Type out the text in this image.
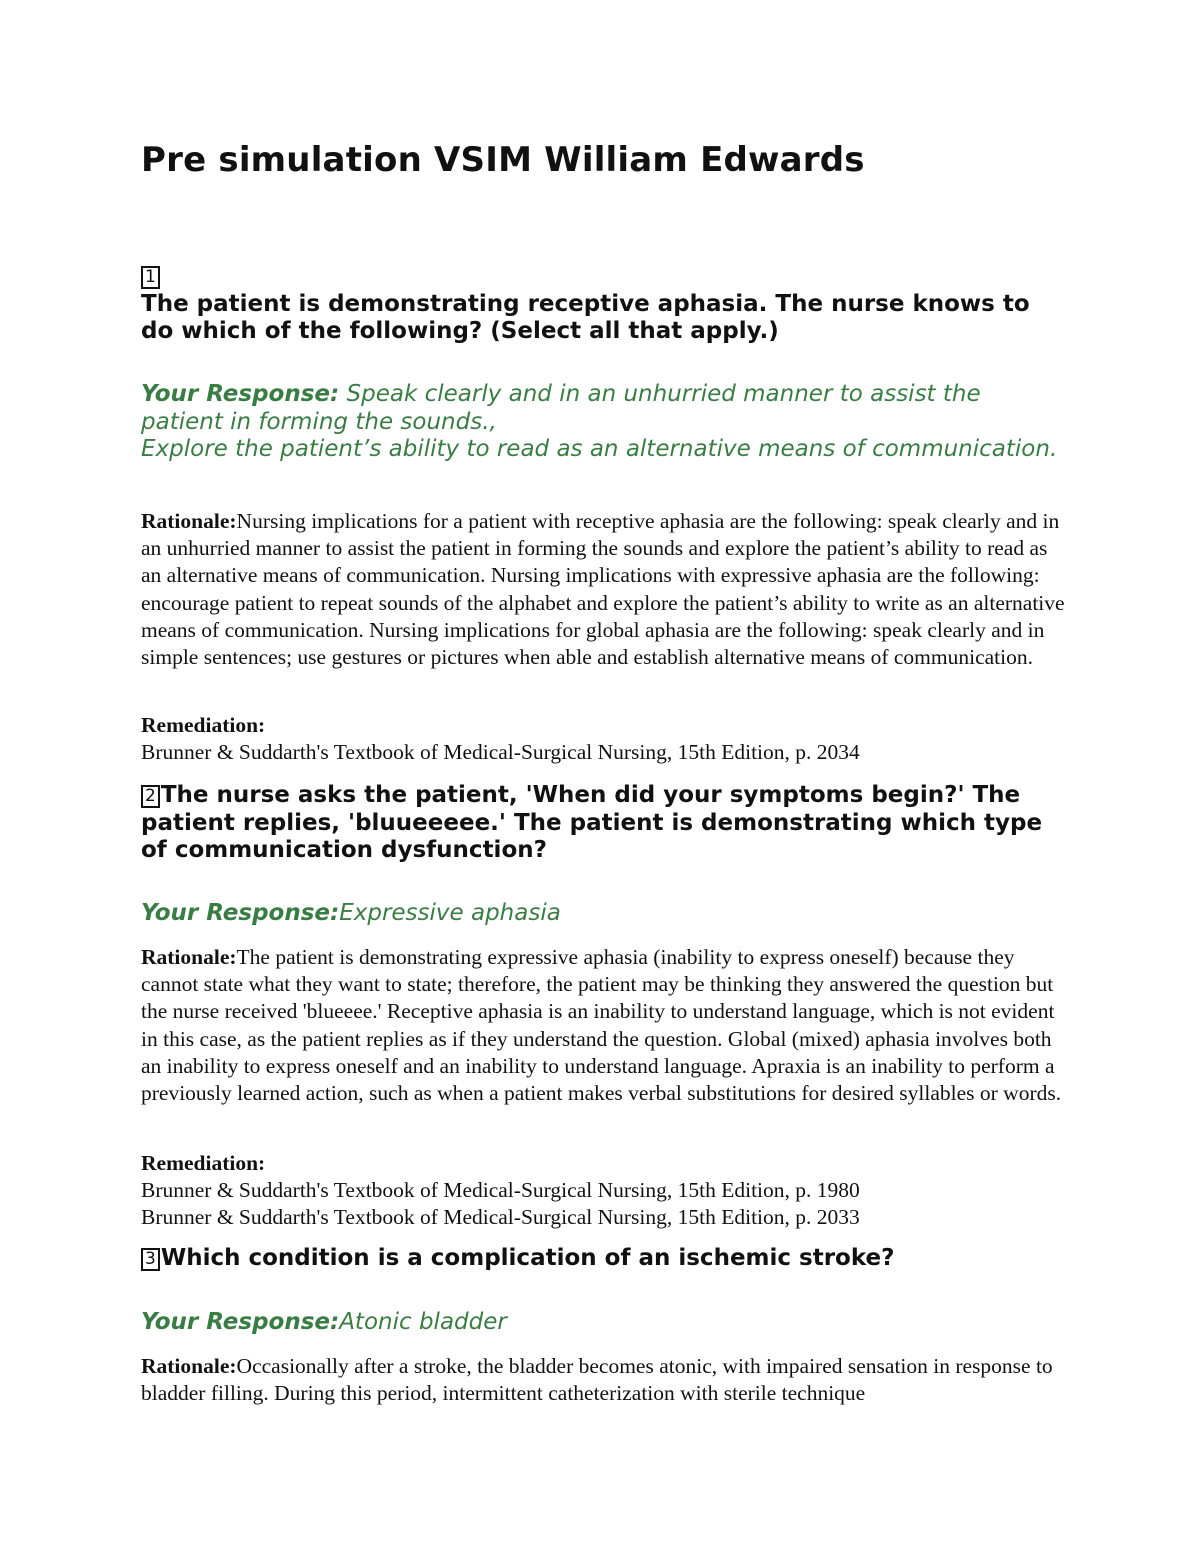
Pre simulation VSIM William Edwards
1
The patient is demonstrating receptive aphasia. The nurse knows to do which of the following? (Select all that apply.)
Your Response: Speak clearly and in an unhurried manner to assist the patient in forming the sounds.,
Explore the patient’s ability to read as an alternative means of communication.
Rationale:Nursing implications for a patient with receptive aphasia are the following: speak clearly and in an unhurried manner to assist the patient in forming the sounds and explore the patient’s ability to read as an alternative means of communication. Nursing implications with expressive aphasia are the following: encourage patient to repeat sounds of the alphabet and explore the patient’s ability to write as an alternative means of communication. Nursing implications for global aphasia are the following: speak clearly and in simple sentences; use gestures or pictures when able and establish alternative means of communication.
Remediation:
Brunner & Suddarth's Textbook of Medical-Surgical Nursing, 15th Edition, p. 2034
2 The nurse asks the patient, 'When did your symptoms begin?' The patient replies, 'bluueeeee.' The patient is demonstrating which type of communication dysfunction?
Your Response:Expressive aphasia
Rationale:The patient is demonstrating expressive aphasia (inability to express oneself) because they cannot state what they want to state; therefore, the patient may be thinking they answered the question but the nurse received 'blueeee.' Receptive aphasia is an inability to understand language, which is not evident in this case, as the patient replies as if they understand the question. Global (mixed) aphasia involves both an inability to express oneself and an inability to understand language. Apraxia is an inability to perform a previously learned action, such as when a patient makes verbal substitutions for desired syllables or words.
Remediation:
Brunner & Suddarth's Textbook of Medical-Surgical Nursing, 15th Edition, p. 1980
Brunner & Suddarth's Textbook of Medical-Surgical Nursing, 15th Edition, p. 2033
3 Which condition is a complication of an ischemic stroke?
Your Response:Atonic bladder
Rationale:Occasionally after a stroke, the bladder becomes atonic, with impaired sensation in response to bladder filling. During this period, intermittent catheterization with sterile technique
